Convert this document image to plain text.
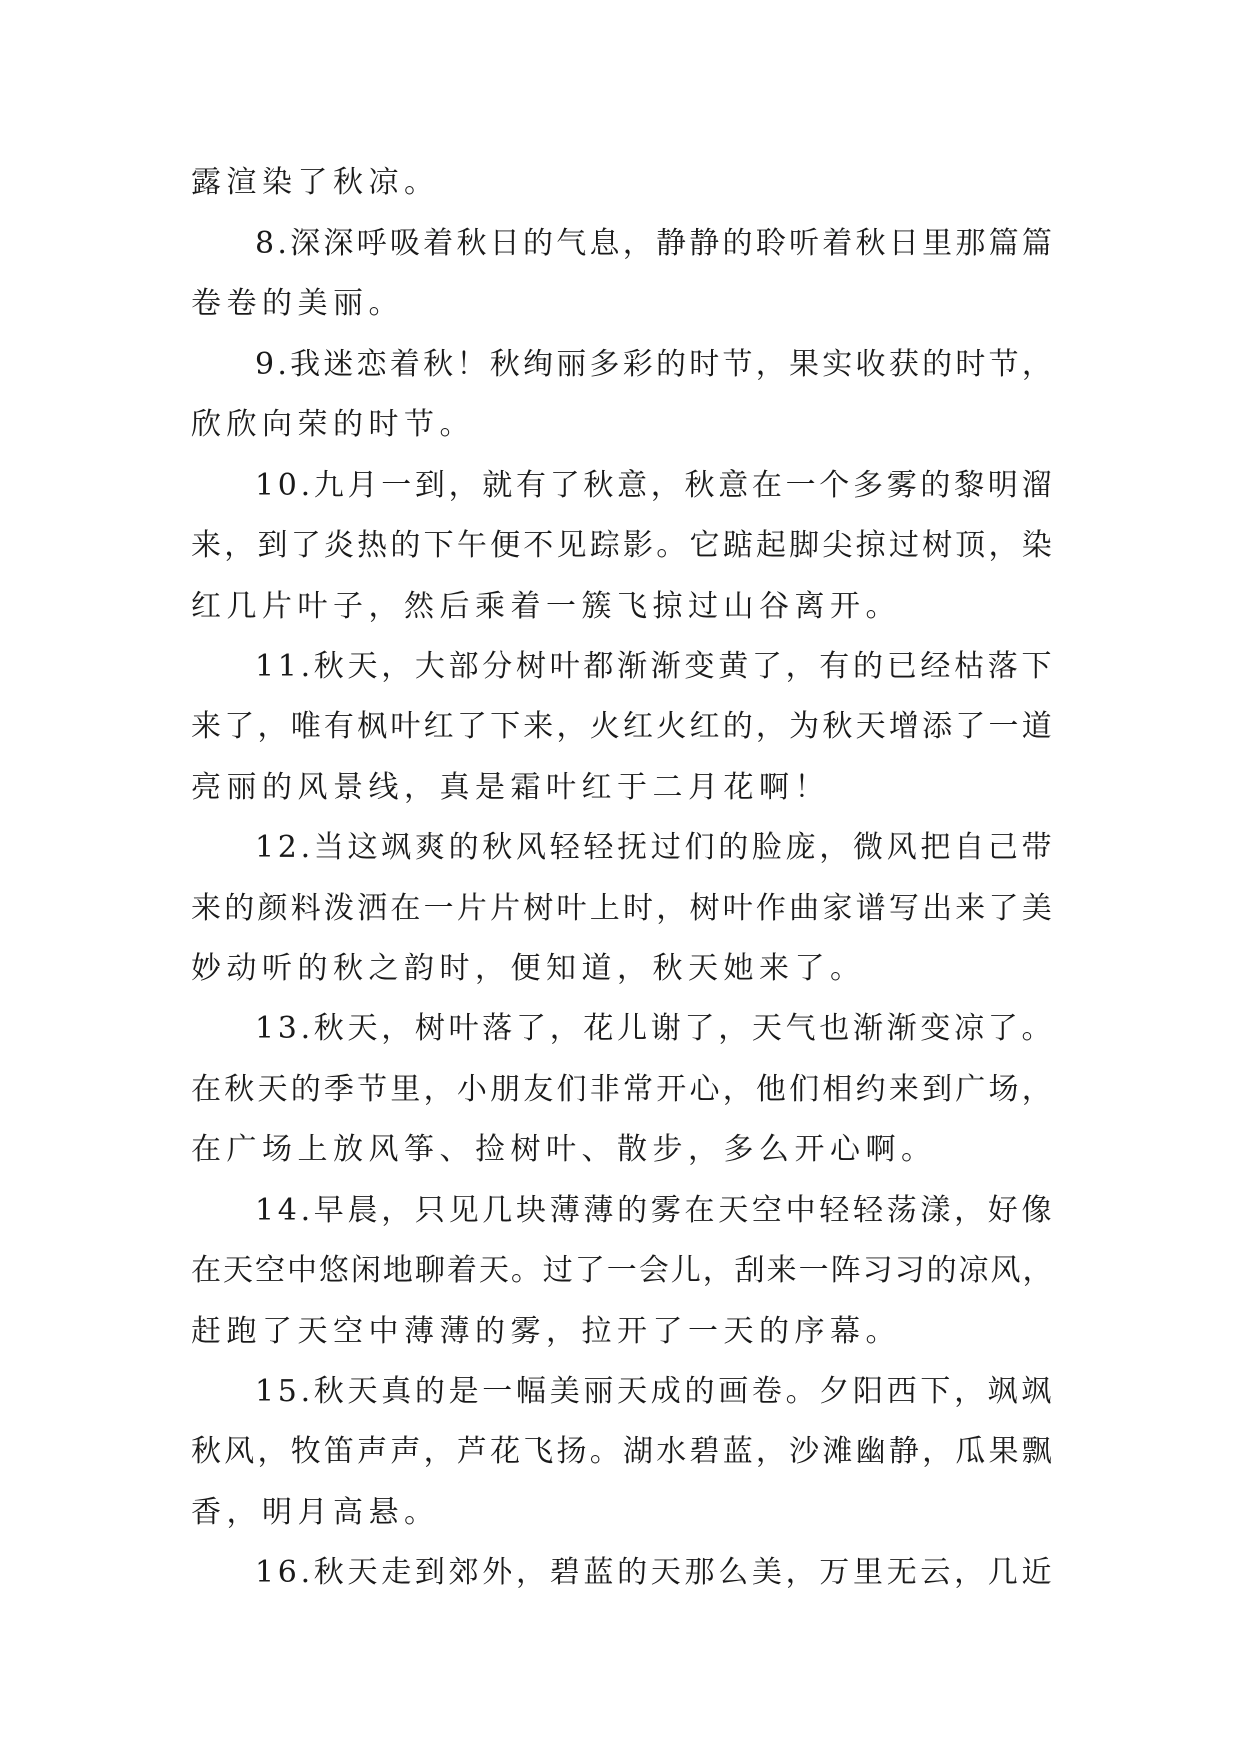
露渲染了秋凉。
8.深深呼吸着秋日的气息，静静的聆听着秋日里那篇篇
卷卷的美丽。
9.我迷恋着秋！秋绚丽多彩的时节，果实收获的时节，
欣欣向荣的时节。
10.九月一到，就有了秋意，秋意在一个多雾的黎明溜
来，到了炎热的下午便不见踪影。它踮起脚尖掠过树顶，染
红几片叶子，然后乘着一簇飞掠过山谷离开。
11.秋天，大部分树叶都渐渐变黄了，有的已经枯落下
来了，唯有枫叶红了下来，火红火红的，为秋天增添了一道
亮丽的风景线，真是霜叶红于二月花啊！
12.当这飒爽的秋风轻轻抚过们的脸庞，微风把自己带
来的颜料泼洒在一片片树叶上时，树叶作曲家谱写出来了美
妙动听的秋之韵时，便知道，秋天她来了。
13.秋天，树叶落了，花儿谢了，天气也渐渐变凉了。
在秋天的季节里，小朋友们非常开心，他们相约来到广场，
在广场上放风筝、捡树叶、散步，多么开心啊。
14.早晨，只见几块薄薄的雾在天空中轻轻荡漾，好像
在天空中悠闲地聊着天。过了一会儿，刮来一阵习习的凉风，
赶跑了天空中薄薄的雾，拉开了一天的序幕。
15.秋天真的是一幅美丽天成的画卷。夕阳西下，飒飒
秋风，牧笛声声，芦花飞扬。湖水碧蓝，沙滩幽静，瓜果飘
香，明月高悬。
16.秋天走到郊外，碧蓝的天那么美，万里无云，几近
